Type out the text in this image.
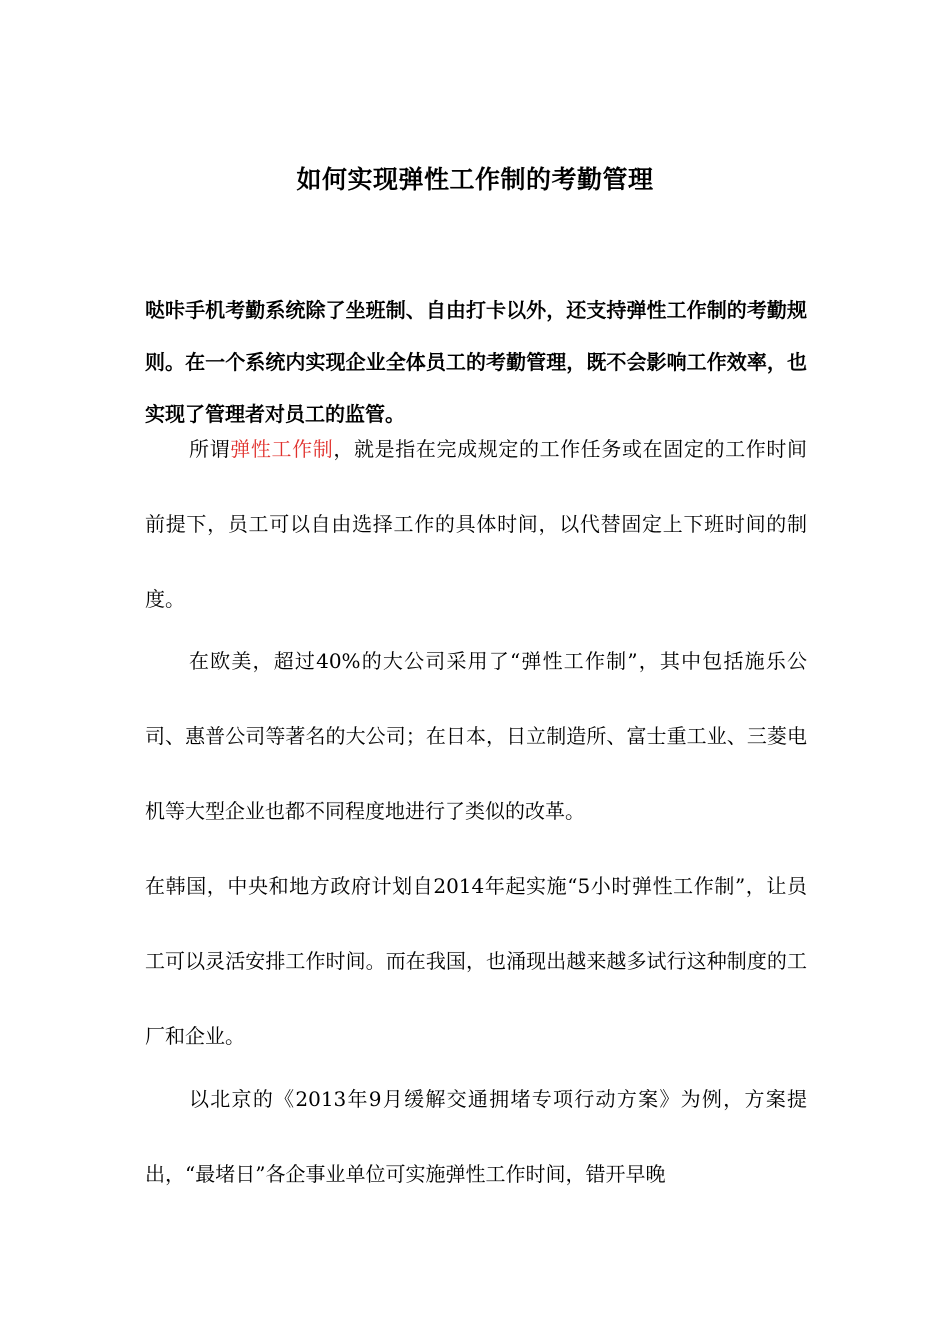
如何实现弹性工作制的考勤管理

哒咔手机考勤系统除了坐班制、自由打卡以外，还支持弹性工作制的考勤规则。在一个系统内实现企业全体员工的考勤管理，既不会影响工作效率，也实现了管理者对员工的监管。

所谓弹性工作制，就是指在完成规定的工作任务或在固定的工作时间前提下，员工可以自由选择工作的具体时间，以代替固定上下班时间的制度。

在欧美，超过40%的大公司采用了“弹性工作制”，其中包括施乐公司、惠普公司等著名的大公司；在日本，日立制造所、富士重工业、三菱电机等大型企业也都不同程度地进行了类似的改革。
在韩国，中央和地方政府计划自2014年起实施“5小时弹性工作制”，让员工可以灵活安排工作时间。而在我国，也涌现出越来越多试行这种制度的工厂和企业。

以北京的《2013年9月缓解交通拥堵专项行动方案》为例，方案提出，“最堵日”各企事业单位可实施弹性工作时间，错开早晚
